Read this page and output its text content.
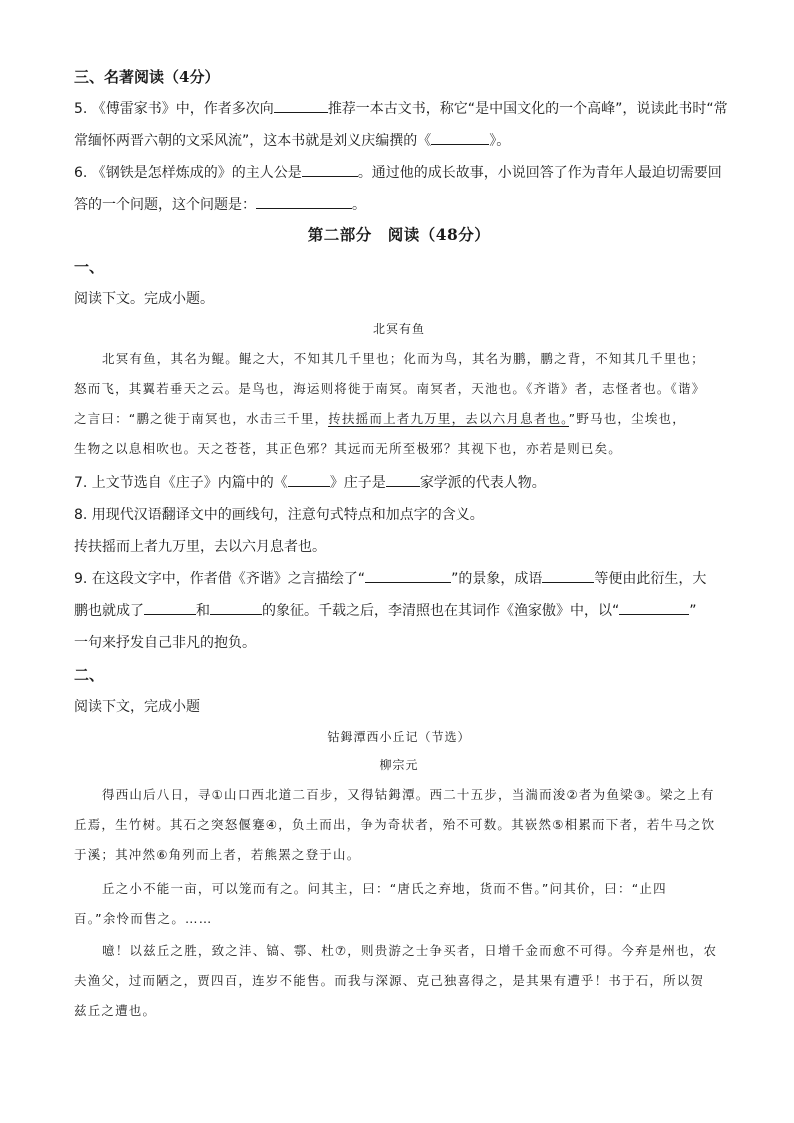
三、名著阅读（4分）
5. 《傅雷家书》中，作者多次向	推荐一本古文书，称它“是中国文化的一个高峰”，说读此书时“常
常缅怀两晋六朝的文采风流”，这本书就是刘义庆编撰的《	》。
6. 《钢铁是怎样炼成的》的主人公是	。通过他的成长故事，小说回答了作为青年人最迫切需要回
答的一个问题，这个问题是：	。
第二部分　阅读（48分）
一、
阅读下文。完成小题。
北冥有鱼
北冥有鱼，其名为鲲。鲲之大，不知其几千里也；化而为鸟，其名为鹏，鹏之背，不知其几千里也；
怒而飞，其翼若垂天之云。是鸟也，海运则将徙于南冥。南冥者，天池也。《齐谐》者，志怪者也。《谐》
之言曰：“鹏之徙于南冥也，水击三千里，抟扶摇而上者九万里，去以六月息者也。”野马也，尘埃也，
生物之以息相吹也。天之苍苍，其正色邪？其远而无所至极邪？其视下也，亦若是则已矣。
7. 上文节选自《庄子》内篇中的《	》庄子是 家学派的代表人物。
8. 用现代汉语翻译文中的画线句，注意句式特点和加点字的含义。
抟扶摇而上者九万里，去以六月息者也。
9. 在这段文字中，作者借《齐谐》之言描绘了“	”的景象，成语	等便由此衍生，大
鹏也就成了	和	的象征。千载之后，李清照也在其词作《渔家傲》中，以“	”
一句来抒发自己非凡的抱负。
二、
阅读下文，完成小题
钴鉧潭西小丘记（节选）
柳宗元
得西山后八日，寻①山口西北道二百步，又得钴鉧潭。西二十五步，当湍而浚②者为鱼梁③。梁之上有
丘焉，生竹树。其石之突怒偃蹇④，负土而出，争为奇状者，殆不可数。其嵚然⑤相累而下者，若牛马之饮
于溪；其冲然⑥角列而上者，若熊罴之登于山。
丘之小不能一亩，可以笼而有之。问其主，曰：“唐氏之弃地，货而不售。”问其价，曰：“止四
百。”余怜而售之。……
噫！以兹丘之胜，致之沣、镐、鄠、杜⑦，则贵游之士争买者，日增千金而愈不可得。今弃是州也，农
夫渔父，过而陋之，贾四百，连岁不能售。而我与深源、克己独喜得之，是其果有遭乎！书于石，所以贺
兹丘之遭也。
